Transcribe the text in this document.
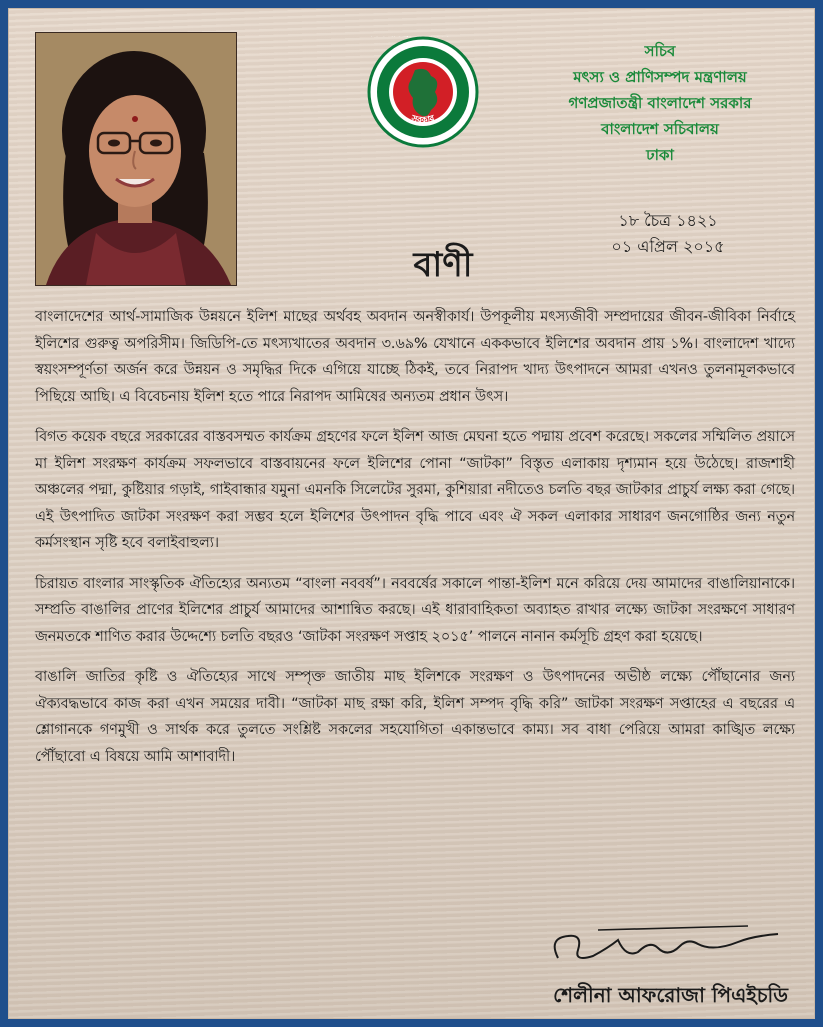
সরকার
সচিব
মৎস্য ও প্রাণিসম্পদ মন্ত্রণালয়
গণপ্রজাতন্ত্রী বাংলাদেশ সরকার
বাংলাদেশ সচিবালয়
ঢাকা
১৮ চৈত্র ১৪২১
০১ এপ্রিল ২০১৫
বাণী

বাংলাদেশের আর্থ-সামাজিক উন্নয়নে ইলিশ মাছের অর্থবহ অবদান অনস্বীকার্য। উপকূলীয় মৎস্যজীবী সম্প্রদায়ের জীবন-জীবিকা নির্বাহে ইলিশের গুরুত্ব অপরিসীম। জিডিপি-তে মৎস্যখাতের অবদান ৩.৬৯% যেখানে এককভাবে ইলিশের অবদান প্রায় ১%। বাংলাদেশ খাদ্যে স্বয়ংসম্পূর্ণতা অর্জন করে উন্নয়ন ও সমৃদ্ধির দিকে এগিয়ে যাচ্ছে ঠিকই, তবে নিরাপদ খাদ্য উৎপাদনে আমরা এখনও তুলনামূলকভাবে পিছিয়ে আছি। এ বিবেচনায় ইলিশ হতে পারে নিরাপদ আমিষের অন্যতম প্রধান উৎস।

বিগত কয়েক বছরে সরকারের বাস্তবসম্মত কার্যক্রম গ্রহণের ফলে ইলিশ আজ মেঘনা হতে পদ্মায় প্রবেশ করেছে। সকলের সম্মিলিত প্রয়াসে মা ইলিশ সংরক্ষণ কার্যক্রম সফলভাবে বাস্তবায়নের ফলে ইলিশের পোনা “জাটকা” বিস্তৃত এলাকায় দৃশ্যমান হয়ে উঠেছে। রাজশাহী অঞ্চলের পদ্মা, কুষ্টিয়ার গড়াই, গাইবান্ধার যমুনা এমনকি সিলেটের সুরমা, কুশিয়ারা নদীতেও চলতি বছর জাটকার প্রাচুর্য লক্ষ্য করা গেছে। এই উৎপাদিত জাটকা সংরক্ষণ করা সম্ভব হলে ইলিশের উৎপাদন বৃদ্ধি পাবে এবং ঐ সকল এলাকার সাধারণ জনগোষ্ঠির জন্য নতুন কর্মসংস্থান সৃষ্টি হবে বলাইবাহুল্য।

চিরায়ত বাংলার সাংস্কৃতিক ঐতিহ্যের অন্যতম “বাংলা নববর্ষ”। নববর্ষের সকালে পান্তা-ইলিশ মনে করিয়ে দেয় আমাদের বাঙালিয়ানাকে। সম্প্রতি বাঙালির প্রাণের ইলিশের প্রাচুর্য আমাদের আশান্বিত করছে। এই ধারাবাহিকতা অব্যাহত রাখার লক্ষ্যে জাটকা সংরক্ষণে সাধারণ জনমতকে শাণিত করার উদ্দেশ্যে চলতি বছরও ‘জাটকা সংরক্ষণ সপ্তাহ ২০১৫’ পালনে নানান কর্মসূচি গ্রহণ করা হয়েছে।

বাঙালি জাতির কৃষ্টি ও ঐতিহ্যের সাথে সম্পৃক্ত জাতীয় মাছ ইলিশকে সংরক্ষণ ও উৎপাদনের অভীষ্ঠ লক্ষ্যে পৌঁছানোর জন্য ঐক্যবদ্ধভাবে কাজ করা এখন সময়ের দাবী। “জাটকা মাছ রক্ষা করি, ইলিশ সম্পদ বৃদ্ধি করি” জাটকা সংরক্ষণ সপ্তাহের এ বছরের এ শ্লোগানকে গণমুখী ও সার্থক করে তুলতে সংশ্লিষ্ট সকলের সহযোগিতা একান্তভাবে কাম্য। সব বাধা পেরিয়ে আমরা কাঙ্খিত লক্ষ্যে পৌঁছাবো এ বিষয়ে আমি আশাবাদী।

সেলীনা
শেলীনা আফরোজা পিএইচডি
